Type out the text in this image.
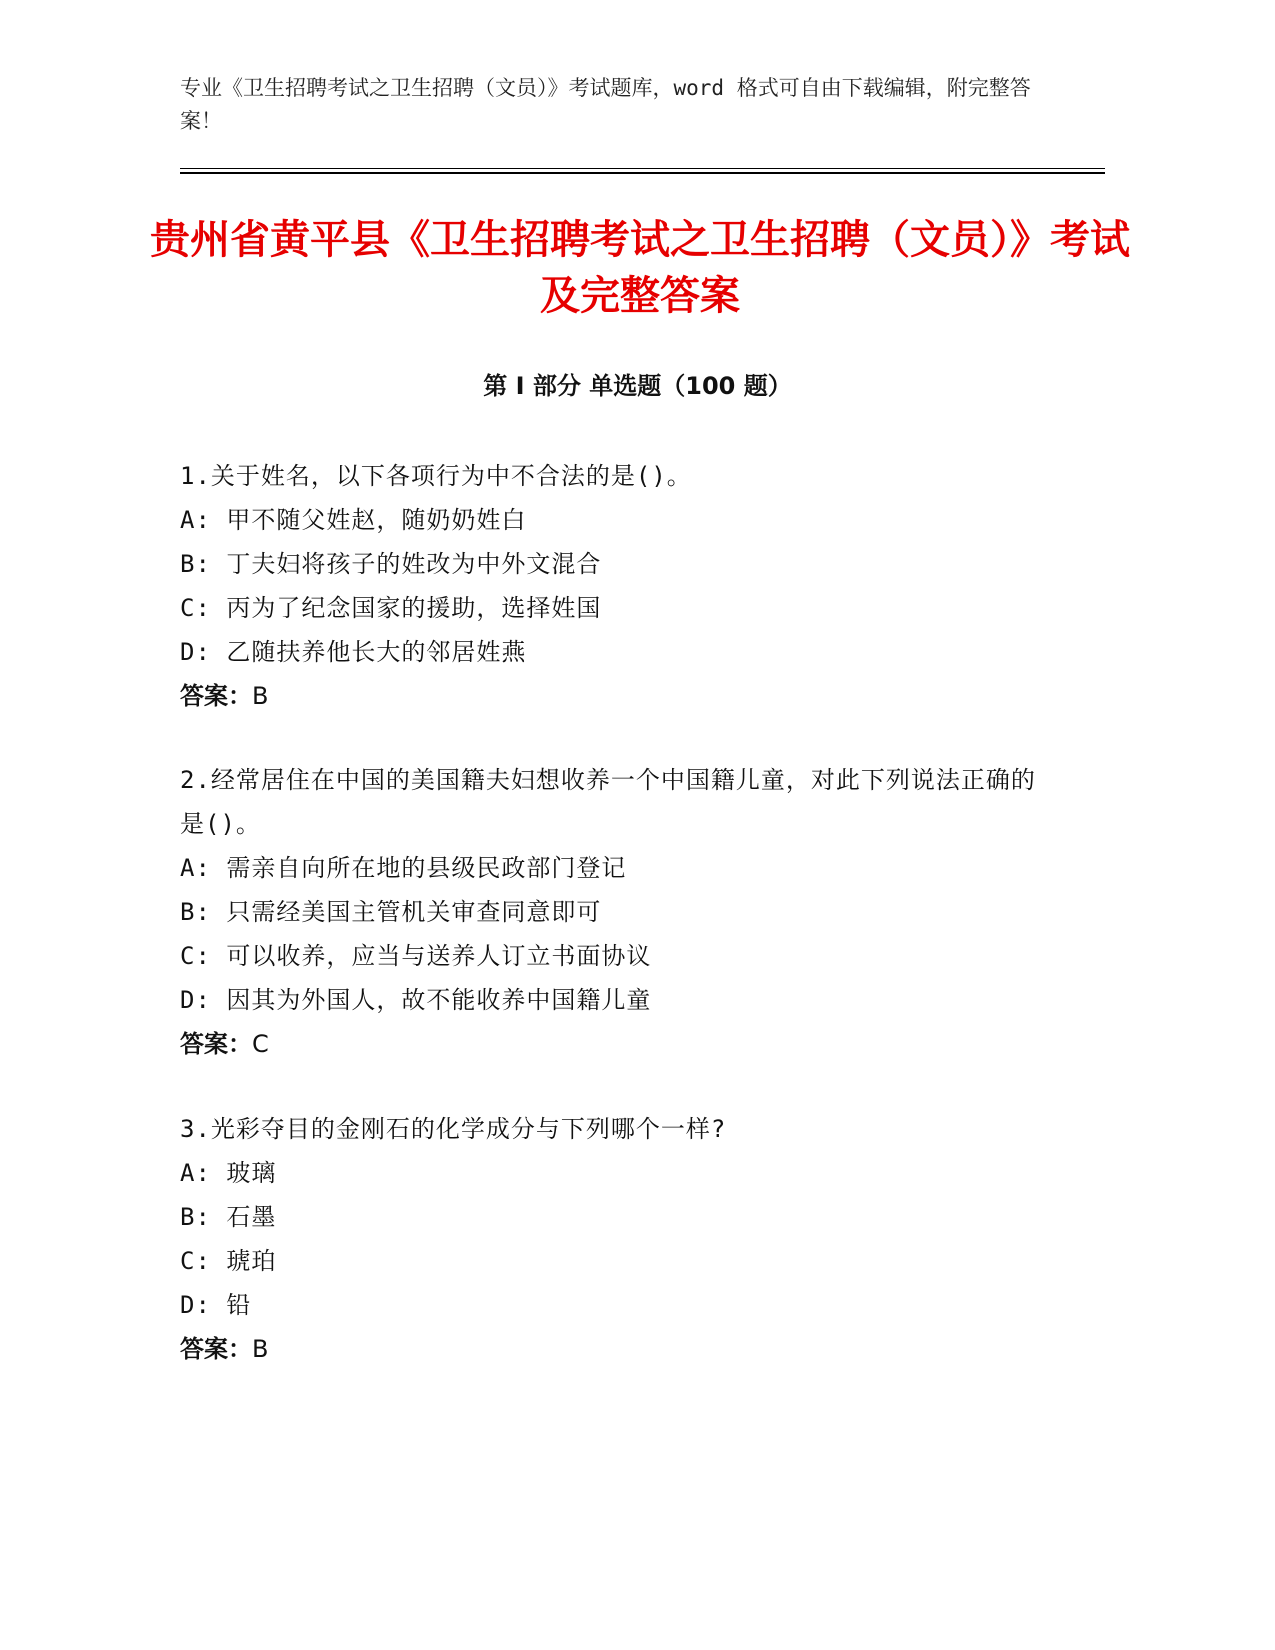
专业《卫生招聘考试之卫生招聘（文员）》考试题库，word 格式可自由下载编辑，附完整答案！
贵州省黄平县《卫生招聘考试之卫生招聘（文员）》考试及完整答案
第 I 部分 单选题（100 题）
1.关于姓名，以下各项行为中不合法的是()。
A: 甲不随父姓赵，随奶奶姓白
B: 丁夫妇将孩子的姓改为中外文混合
C: 丙为了纪念国家的援助，选择姓国
D: 乙随扶养他长大的邻居姓燕
答案：B
2.经常居住在中国的美国籍夫妇想收养一个中国籍儿童，对此下列说法正确的是()。
A: 需亲自向所在地的县级民政部门登记
B: 只需经美国主管机关审查同意即可
C: 可以收养，应当与送养人订立书面协议
D: 因其为外国人，故不能收养中国籍儿童
答案：C
3.光彩夺目的金刚石的化学成分与下列哪个一样?
A: 玻璃
B: 石墨
C: 琥珀
D: 铅
答案：B
